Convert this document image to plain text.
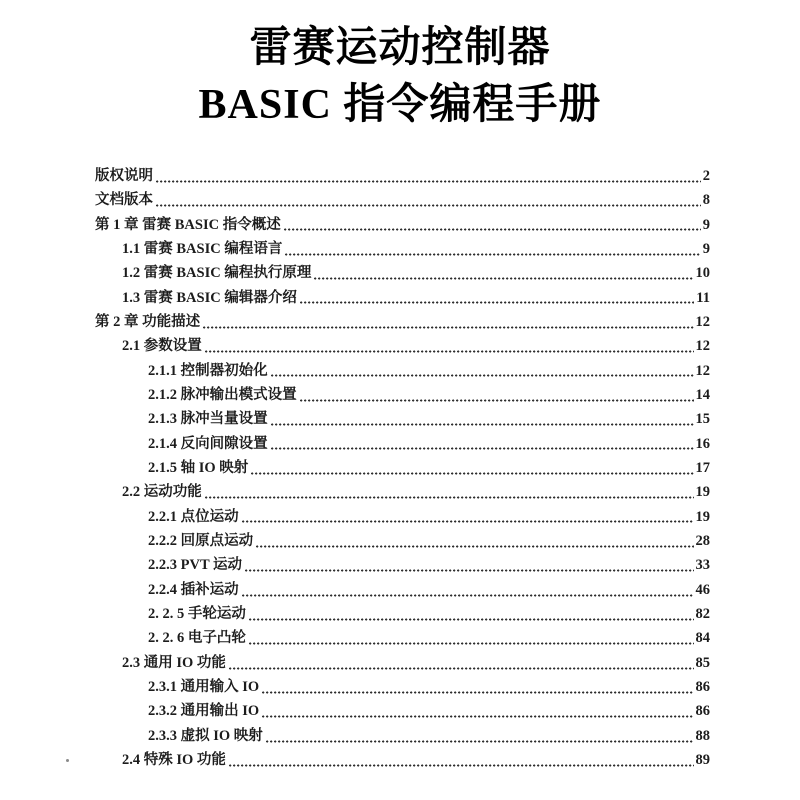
雷赛运动控制器
BASIC 指令编程手册
版权说明	2
文档版本	8
第 1 章 雷赛 BASIC 指令概述	9
1.1 雷赛 BASIC 编程语言	9
1.2 雷赛 BASIC 编程执行原理	10
1.3 雷赛 BASIC 编辑器介绍	11
第 2 章 功能描述	12
2.1 参数设置	12
2.1.1 控制器初始化	12
2.1.2 脉冲输出模式设置	14
2.1.3 脉冲当量设置	15
2.1.4 反向间隙设置	16
2.1.5 轴 IO 映射	17
2.2 运动功能	19
2.2.1 点位运动	19
2.2.2 回原点运动	28
2.2.3 PVT 运动	33
2.2.4 插补运动	46
2. 2. 5 手轮运动	82
2. 2. 6 电子凸轮	84
2.3 通用 IO 功能	85
2.3.1 通用输入 IO	86
2.3.2 通用输出 IO	86
2.3.3 虚拟 IO 映射	88
2.4 特殊 IO 功能	89
